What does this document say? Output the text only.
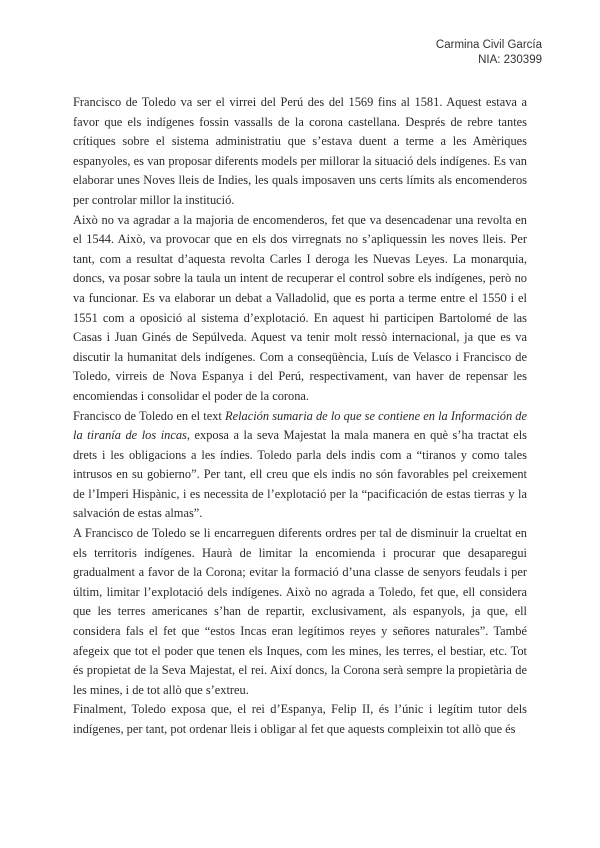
Carmina Civil García
NIA: 230399

Francisco de Toledo va ser el virrei del Perú des del 1569 fins al 1581. Aquest estava a favor que els indígenes fossin vassalls de la corona castellana. Després de rebre tantes crítiques sobre el sistema administratiu que s’estava duent a terme a les Amèriques espanyoles, es van proposar diferents models per millorar la situació dels indígenes. Es van elaborar unes Noves lleis de Indies, les quals imposaven uns certs límits als encomenderos per controlar millor la institució.

Això no va agradar a la majoria de encomenderos, fet que va desencadenar una revolta en el 1544. Això, va provocar que en els dos virregnats no s’apliquessin les noves lleis. Per tant, com a resultat d’aquesta revolta Carles I deroga les Nuevas Leyes. La monarquia, doncs, va posar sobre la taula un intent de recuperar el control sobre els indígenes, però no va funcionar. Es va elaborar un debat a Valladolid, que es porta a terme entre el 1550 i el 1551 com a oposició al sistema d’explotació. En aquest hi participen Bartolomé de las Casas i Juan Ginés de Sepúlveda. Aquest va tenir molt ressò internacional, ja que es va discutir la humanitat dels indígenes. Com a conseqüència, Luís de Velasco i Francisco de Toledo, virreis de Nova Espanya i del Perú, respectivament, van haver de repensar les encomiendas i consolidar el poder de la corona.

Francisco de Toledo en el text Relación sumaria de lo que se contiene en la Información de la tiranía de los incas, exposa a la seva Majestat la mala manera en què s’ha tractat els drets i les obligacions a les índies. Toledo parla dels indis com a “tiranos y como tales intrusos en su gobierno”. Per tant, ell creu que els indis no són favorables pel creixement de l’Imperi Hispànic, i es necessita de l’explotació per la “pacificación de estas tierras y la salvación de estas almas”.

A Francisco de Toledo se li encarreguen diferents ordres per tal de disminuir la crueltat en els territoris indígenes. Haurà de limitar la encomienda i procurar que desaparegui gradualment a favor de la Corona; evitar la formació d’una classe de senyors feudals i per últim, limitar l’explotació dels indígenes. Això no agrada a Toledo, fet que, ell considera que les terres americanes s’han de repartir, exclusivament, als espanyols, ja que, ell considera fals el fet que “estos Incas eran legítimos reyes y señores naturales”. També afegeix que tot el poder que tenen els Inques, com les mines, les terres, el bestiar, etc. Tot és propietat de la Seva Majestat, el rei. Així doncs, la Corona serà sempre la propietària de les mines, i de tot allò que s’extreu.

Finalment, Toledo exposa que, el rei d’Espanya, Felip II, és l’únic i legítim tutor dels indígenes, per tant, pot ordenar lleis i obligar al fet que aquests compleixin tot allò que és
